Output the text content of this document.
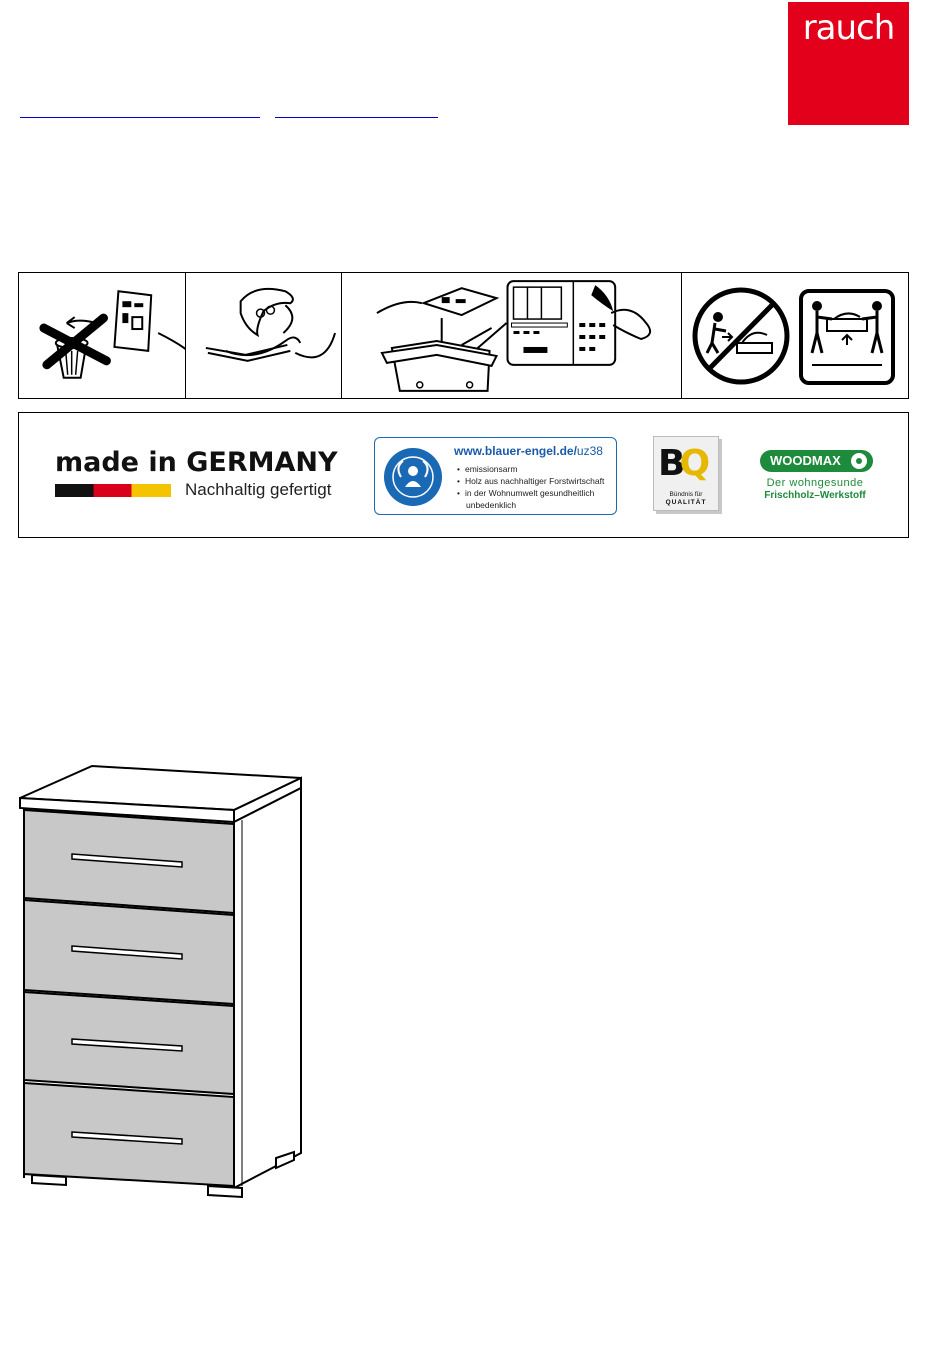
rauch
made in GERMANY
Nachhaltig gefertigt
www.blauer-engel.de/uz38
• emissionsarm
• Holz aus nachhaltiger Forstwirtschaft
• in der Wohnumwelt gesundheitlich
unbedenklich
BQ
Bündnis für
QUALITÄT
WOODMAX
Der wohngesunde
Frischholz–Werkstoff
